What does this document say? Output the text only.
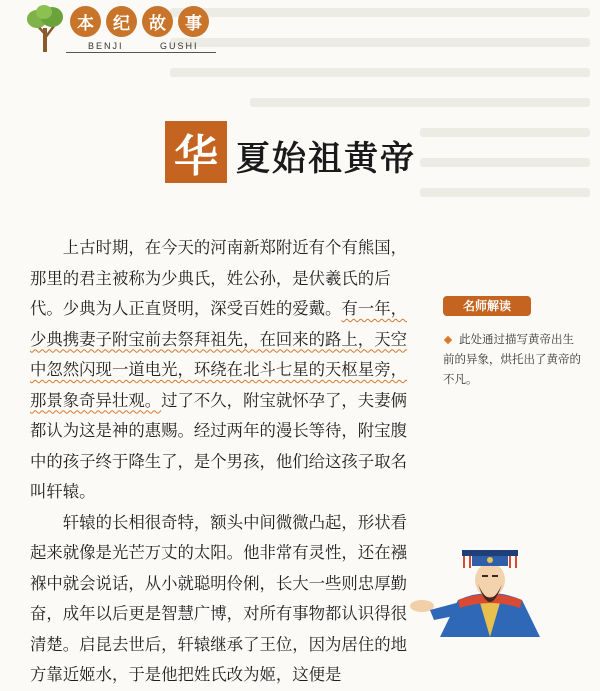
本	纪	故	事
BENJI	GUSHI
华 夏始祖黄帝

上古时期，在今天的河南新郑附近有个有熊国，那里的君主被称为少典氏，姓公孙，是伏羲氏的后代。少典为人正直贤明，深受百姓的爱戴。有一年，少典携妻子附宝前去祭拜祖先，在回来的路上，天空中忽然闪现一道电光，环绕在北斗七星的天枢星旁，那景象奇异壮观。过了不久，附宝就怀孕了，夫妻俩都认为这是神的惠赐。经过两年的漫长等待，附宝腹中的孩子终于降生了，是个男孩，他们给这孩子取名叫轩辕。

轩辕的长相很奇特，额头中间微微凸起，形状看起来就像是光芒万丈的太阳。他非常有灵性，还在襁褓中就会说话，从小就聪明伶俐，长大一些则忠厚勤奋，成年以后更是智慧广博，对所有事物都认识得很清楚。启昆去世后，轩辕继承了王位，因为居住的地方靠近姬水，于是他把姓氏改为姬，这便是

名师解读
此处通过描写黄帝出生前的异象，烘托出了黄帝的不凡。
